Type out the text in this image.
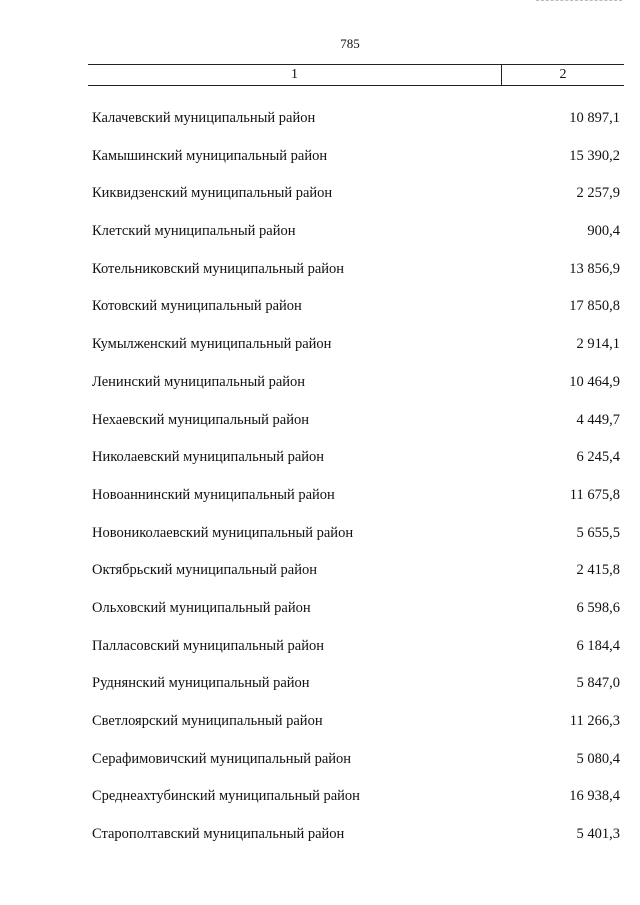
785
1	2
Калачевский муниципальный район	10 897,1
Камышинский муниципальный район	15 390,2
Киквидзенский муниципальный район	2 257,9
Клетский муниципальный район	900,4
Котельниковский муниципальный район	13 856,9
Котовский муниципальный район	17 850,8
Кумылженский муниципальный район	2 914,1
Ленинский муниципальный район	10 464,9
Нехаевский муниципальный район	4 449,7
Николаевский муниципальный район	6 245,4
Новоаннинский муниципальный район	11 675,8
Новониколаевский муниципальный район	5 655,5
Октябрьский муниципальный район	2 415,8
Ольховский муниципальный район	6 598,6
Палласовский муниципальный район	6 184,4
Руднянский муниципальный район	5 847,0
Светлоярский муниципальный район	11 266,3
Серафимовичский муниципальный район	5 080,4
Среднеахтубинский муниципальный район	16 938,4
Старополтавский муниципальный район	5 401,3
